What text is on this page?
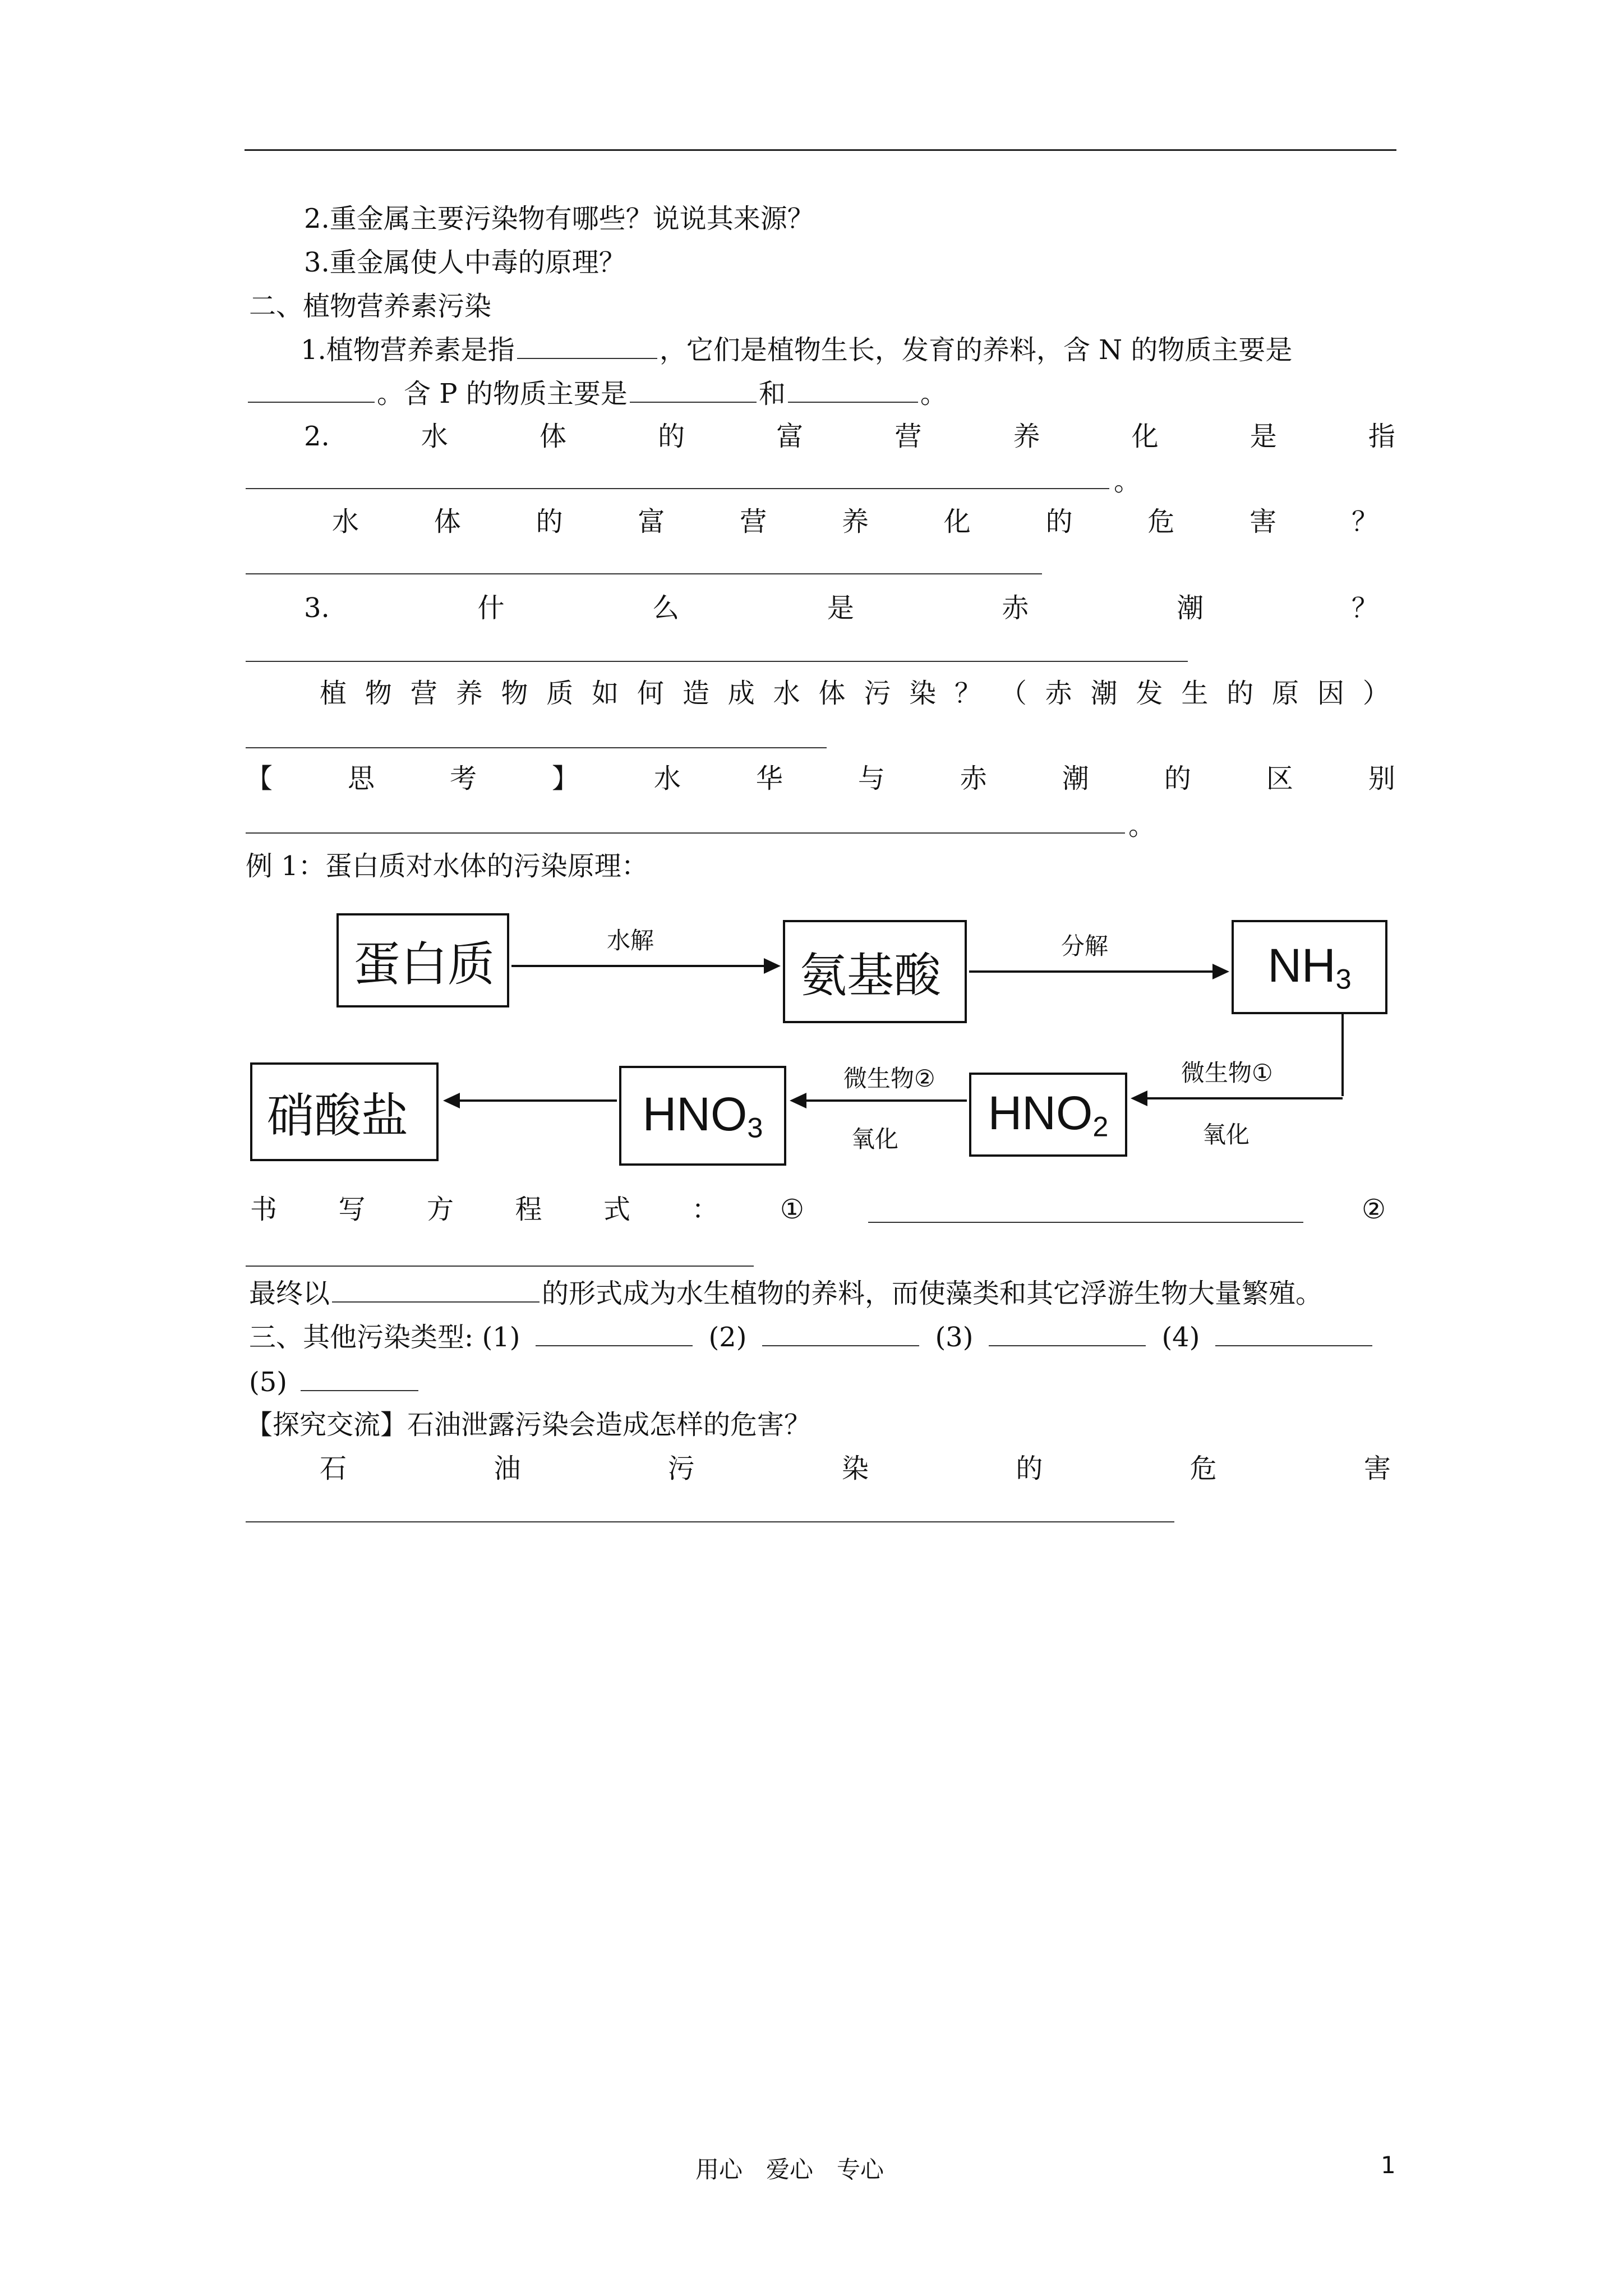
2.重金属主要污染物有哪些？说说其来源？
3.重金属使人中毒的原理？
二、植物营养素污染
1.植物营养素是指	，它们是植物生长，发育的养料，含 N 的物质主要是
。含 P 的物质主要是	和	。
2.	水	体	的	富	营	养	化	是	指
。
水	体	的	富	营	养	化	的	危	害	？
3.	什	么	是	赤	潮	？
植 物 营 养 物 质 如 何 造 成 水 体 污 染 ？ （ 赤 潮 发 生 的 原 因 ）
【	思	考	】	水	华	与	赤	潮	的	区	别
。
例 1：蛋白质对水体的污染原理：
蛋白质	氨基酸	$NH_3$
硝酸盐	$HNO_3$	$HNO_2$
水解	分解
微生物①
氧化
微生物②
氧化
书 写 方 程 式 ： ①	②
最终以	的形式成为水生植物的养料，而使藻类和其它浮游生物大量繁殖。
三、其他污染类型: (1)	(2)	(3)	(4)
(5)
【探究交流】石油泄露污染会造成怎样的危害？
石	油	污	染	的	危	害
用心　爱心　专心	1
